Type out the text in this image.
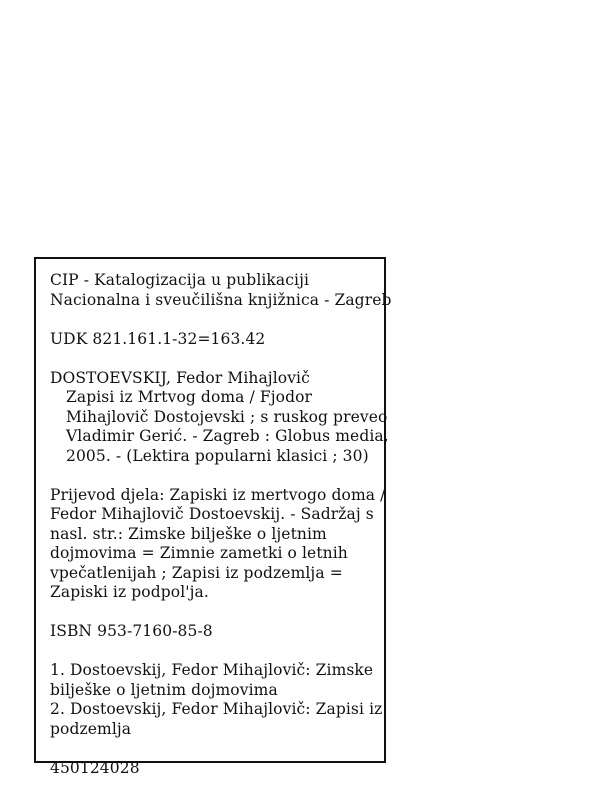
CIP - Katalogizacija u publikaciji
Nacionalna i sveučilišna knjižnica - Zagreb
UDK 821.161.1-32=163.42
DOSTOEVSKIJ, Fedor Mihajlovič
Zapisi iz Mrtvog doma / Fjodor
Mihajlovič Dostojevski ; s ruskog preveo
Vladimir Gerić. - Zagreb : Globus media,
2005. - (Lektira popularni klasici ; 30)
Prijevod djela: Zapiski iz mertvogo doma /
Fedor Mihajlovič Dostoevskij. - Sadržaj s
nasl. str.: Zimske bilješke o ljetnim
dojmovima = Zimnie zametki o letnih
vpečatlenijah ; Zapisi iz podzemlja =
Zapiski iz podpol'ja.
ISBN 953-7160-85-8
1. Dostoevskij, Fedor Mihajlovič: Zimske
bilješke o ljetnim dojmovima
2. Dostoevskij, Fedor Mihajlovič: Zapisi iz
podzemlja
450124028
